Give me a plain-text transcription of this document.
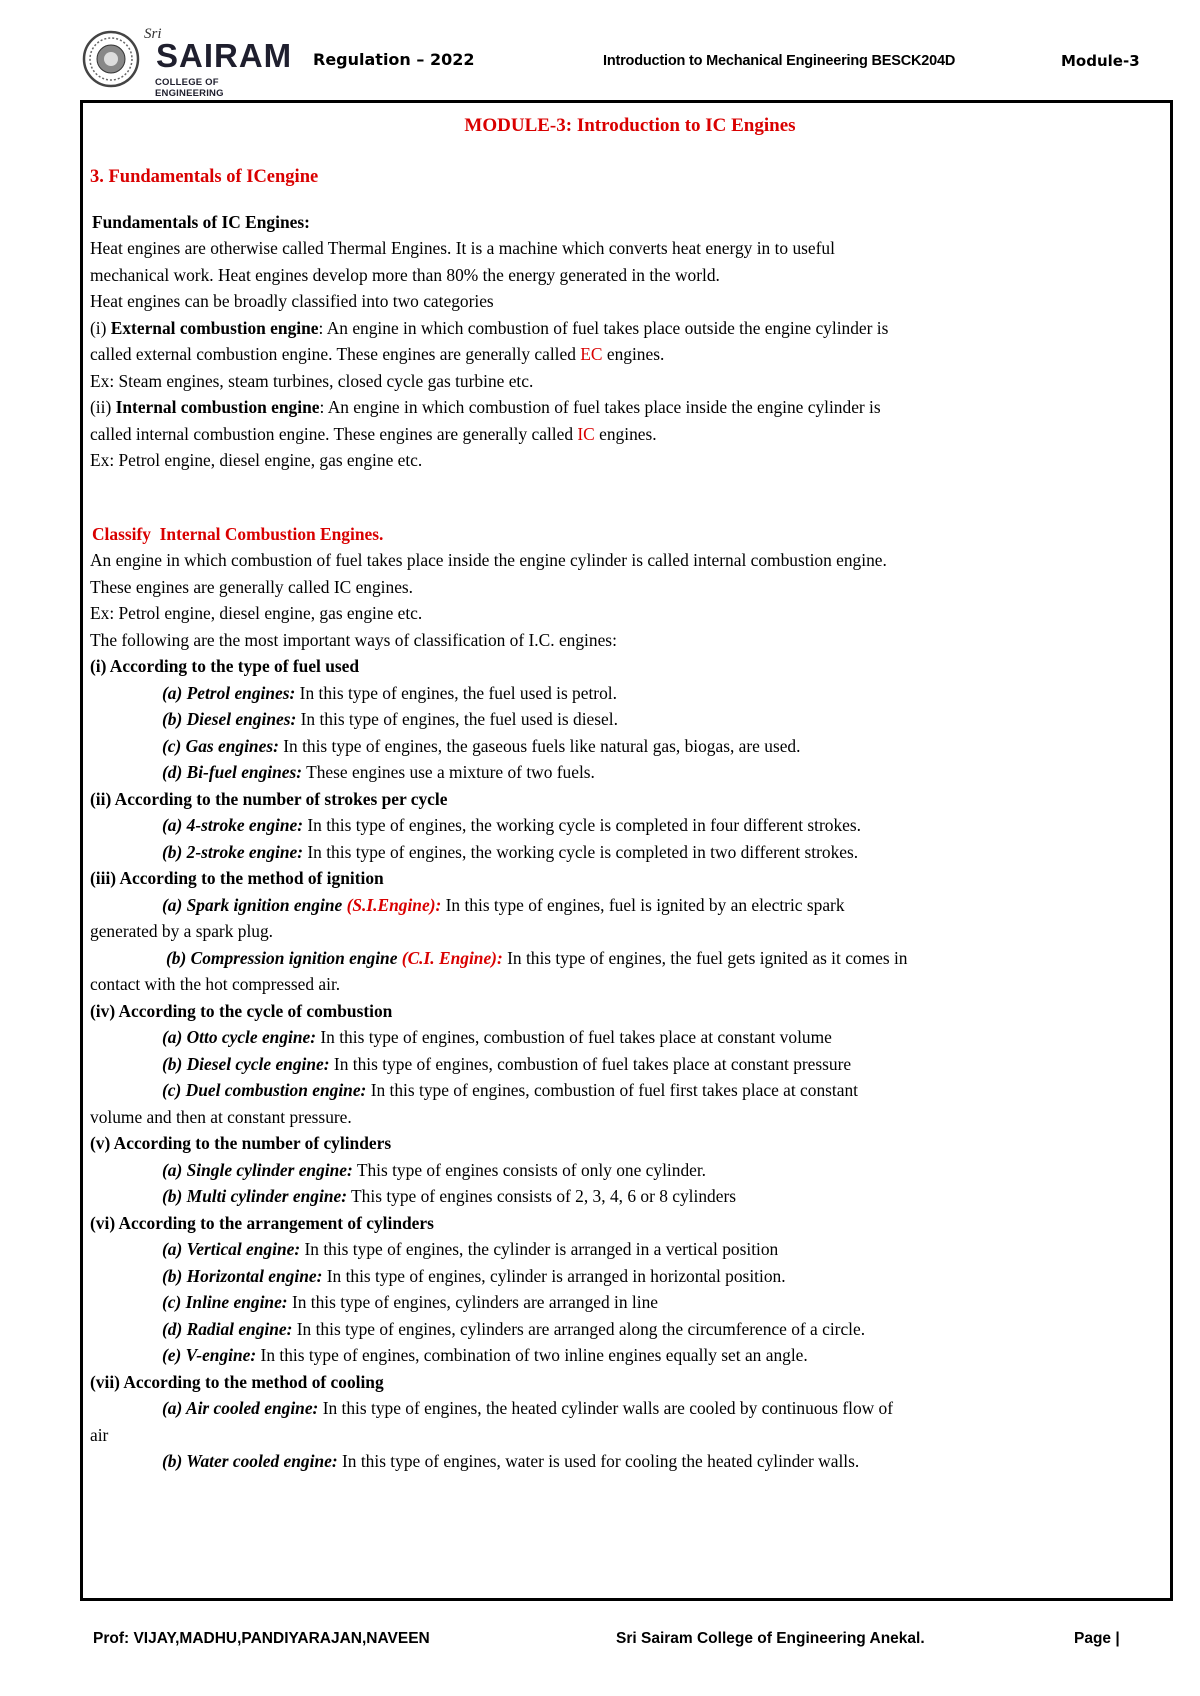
Sri
SAIRAM
COLLEGE OF ENGINEERING
Regulation – 2022	Introduction to Mechanical Engineering BESCK204D	Module-3

MODULE-3: Introduction to IC Engines

3. Fundamentals of ICengine

Fundamentals of IC Engines:

Heat engines are otherwise called Thermal Engines. It is a machine which converts heat energy in to useful

mechanical work. Heat engines develop more than 80% the energy generated in the world.

Heat engines can be broadly classified into two categories

(i) External combustion engine: An engine in which combustion of fuel takes place outside the engine cylinder is

called external combustion engine. These engines are generally called EC engines.

Ex: Steam engines, steam turbines, closed cycle gas turbine etc.

(ii) Internal combustion engine: An engine in which combustion of fuel takes place inside the engine cylinder is

called internal combustion engine. These engines are generally called IC engines.

Ex: Petrol engine, diesel engine, gas engine etc.

Classify  Internal Combustion Engines.

An engine in which combustion of fuel takes place inside the engine cylinder is called internal combustion engine.

These engines are generally called IC engines.

Ex: Petrol engine, diesel engine, gas engine etc.

The following are the most important ways of classification of I.C. engines:

(i) According to the type of fuel used

(a) Petrol engines: In this type of engines, the fuel used is petrol.

(b) Diesel engines: In this type of engines, the fuel used is diesel.

(c) Gas engines: In this type of engines, the gaseous fuels like natural gas, biogas, are used.

(d) Bi-fuel engines: These engines use a mixture of two fuels.

(ii) According to the number of strokes per cycle

(a) 4-stroke engine: In this type of engines, the working cycle is completed in four different strokes.

(b) 2-stroke engine: In this type of engines, the working cycle is completed in two different strokes.

(iii) According to the method of ignition

(a) Spark ignition engine (S.I.Engine): In this type of engines, fuel is ignited by an electric spark

generated by a spark plug.

(b) Compression ignition engine (C.I. Engine): In this type of engines, the fuel gets ignited as it comes in

contact with the hot compressed air.

(iv) According to the cycle of combustion

(a) Otto cycle engine: In this type of engines, combustion of fuel takes place at constant volume

(b) Diesel cycle engine: In this type of engines, combustion of fuel takes place at constant pressure

(c) Duel combustion engine: In this type of engines, combustion of fuel first takes place at constant

volume and then at constant pressure.

(v) According to the number of cylinders

(a) Single cylinder engine: This type of engines consists of only one cylinder.

(b) Multi cylinder engine: This type of engines consists of 2, 3, 4, 6 or 8 cylinders

(vi) According to the arrangement of cylinders

(a) Vertical engine: In this type of engines, the cylinder is arranged in a vertical position

(b) Horizontal engine: In this type of engines, cylinder is arranged in horizontal position.

(c) Inline engine: In this type of engines, cylinders are arranged in line

(d) Radial engine: In this type of engines, cylinders are arranged along the circumference of a circle.

(e) V-engine: In this type of engines, combination of two inline engines equally set an angle.

(vii) According to the method of cooling

(a) Air cooled engine: In this type of engines, the heated cylinder walls are cooled by continuous flow of

air

(b) Water cooled engine: In this type of engines, water is used for cooling the heated cylinder walls.

Prof: VIJAY,MADHU,PANDIYARAJAN,NAVEEN	Sri Sairam College of Engineering Anekal.	Page |
